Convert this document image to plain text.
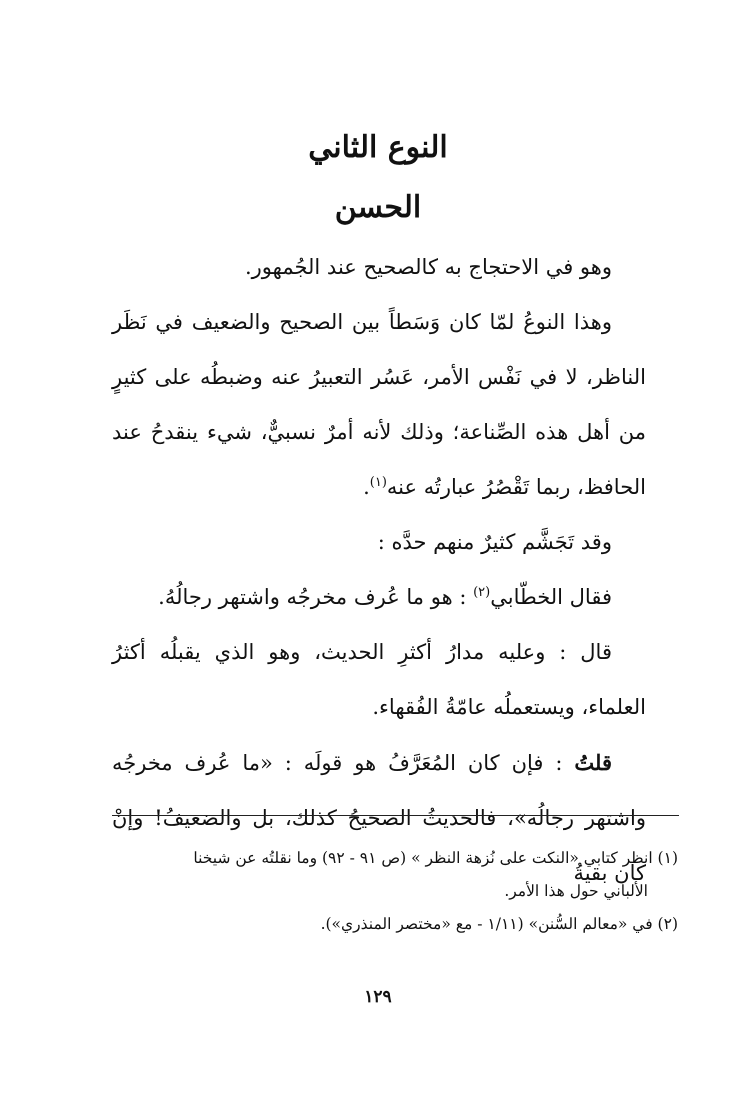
النوع الثاني
الحسن

وهو في الاحتجاج به كالصحيح عند الجُمهور.

وهذا النوعُ لمّا كان وَسَطاً بين الصحيح والضعيف في نَظَر الناظر، لا في نَفْس الأمر، عَسُر التعبيرُ عنه وضبطُه على كثيرٍ من أهل هذه الصِّناعة؛ وذلك لأنه أمرٌ نسبيٌّ، شيء ينقدحُ عند الحافظ، ربما تَقْصُرُ عبارتُه عنه$^{(١)}$.

وقد تَجَشَّم كثيرٌ منهم حدَّه :

فقال الخطّابي$^{(٢)}$ : هو ما عُرف مخرجُه واشتهر رجالُهُ.

قال : وعليه مدارُ أكثرِ الحديث، وهو الذي يقبلُه أكثرُ العلماء، ويستعملُه عامّةُ الفُقهاء.

قلتُ : فإن كان المُعَرَّفُ هو قولَه : «ما عُرف مخرجُه واشتهر رجالُه»، فالحديثُ الصحيحُ كذلك، بل والضعيفُ! وإنْ كان بقيةُ

(١) انظر كتابي «النكت على نُزهة النظر » (ص ٩١ - ٩٢) وما نقلتُه عن شيخنا

الألباني حول هذا الأمر.

(٢) في «معالم السُّنن» (١/١١ - مع «مختصر المنذري»).

١٢٩
